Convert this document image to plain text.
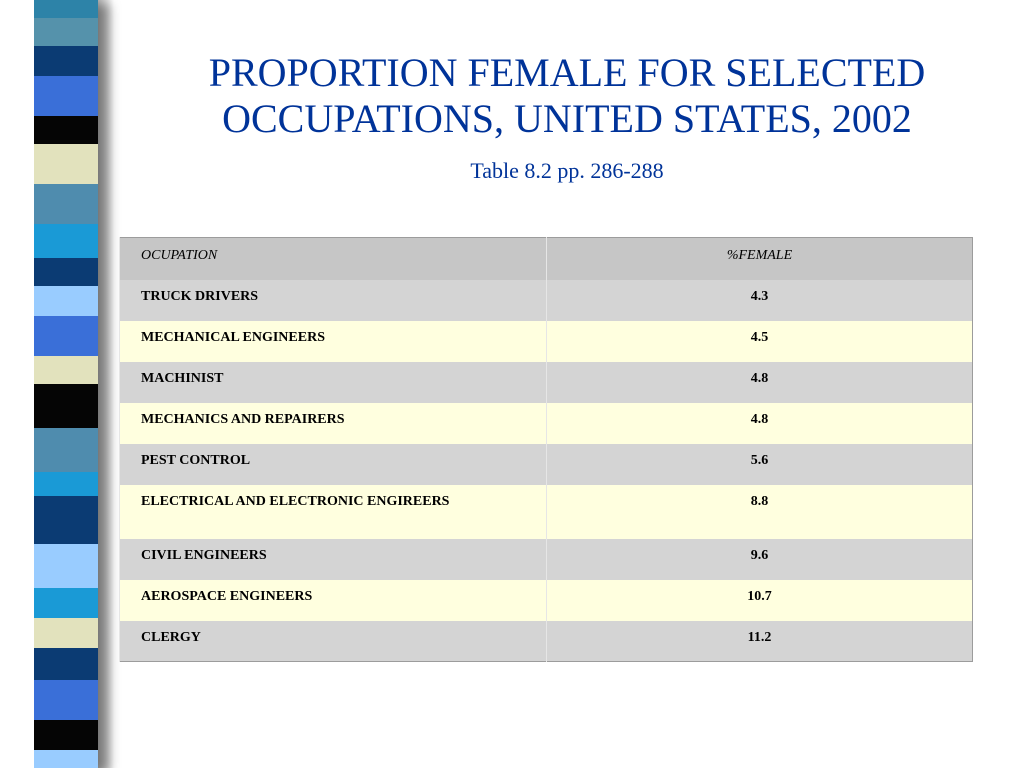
PROPORTION FEMALE FOR SELECTED
OCCUPATIONS, UNITED STATES, 2002
Table 8.2 pp. 286-288
OCUPATION	%FEMALE
TRUCK DRIVERS	4.3
MECHANICAL ENGINEERS	4.5
MACHINIST	4.8
MECHANICS AND REPAIRERS	4.8
PEST CONTROL	5.6
ELECTRICAL AND ELECTRONIC ENGIREERS	8.8
CIVIL ENGINEERS	9.6
AEROSPACE ENGINEERS	10.7
CLERGY	11.2
